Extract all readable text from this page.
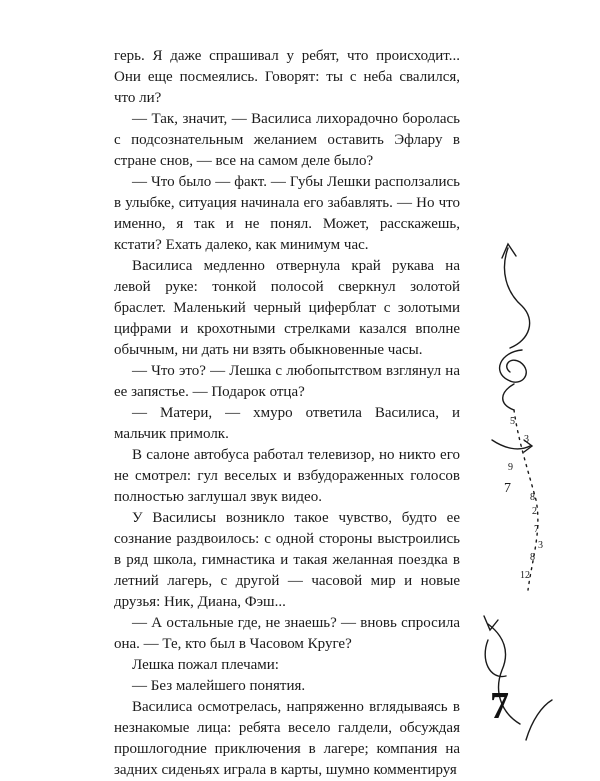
герь. Я даже спрашивал у ребят, что происходит... Они еще посмеялись. Говорят: ты с неба свалился, что ли?

— Так, значит, — Василиса лихорадочно боролась с подсознательным желанием оставить Эфлару в стране снов, — все на самом деле было?

— Что было — факт. — Губы Лешки расползались в улыбке, ситуация начинала его забавлять. — Но что именно, я так и не понял. Может, расскажешь, кстати? Ехать далеко, как минимум час.

Василиса медленно отвернула край рукава на левой руке: тонкой полосой сверкнул золотой браслет. Маленький черный циферблат с золотыми цифрами и крохотными стрелками казался вполне обычным, ни дать ни взять обыкновенные часы.

— Что это? — Лешка с любопытством взглянул на ее запястье. — Подарок отца?

— Матери, — хмуро ответила Василиса, и мальчик примолк.

В салоне автобуса работал телевизор, но никто его не смотрел: гул веселых и взбудораженных голосов полностью заглушал звук видео.

У Василисы возникло такое чувство, будто ее сознание раздвоилось: с одной стороны выстроились в ряд школа, гимнастика и такая желанная поездка в летний лагерь, с другой — часовой мир и новые друзья: Ник, Диана, Фэш...

— А остальные где, не знаешь? — вновь спросила она. — Те, кто был в Часовом Круге?

Лешка пожал плечами:

— Без малейшего понятия.

Василиса осмотрелась, напряженно вглядываясь в незнакомые лица: ребята весело галдели, обсуждая прошлогодние приключения в лагере; компания на задних сиденьях играла в карты, шумно комментируя

5
3
9
7
8
2
7
3
8
12
7
